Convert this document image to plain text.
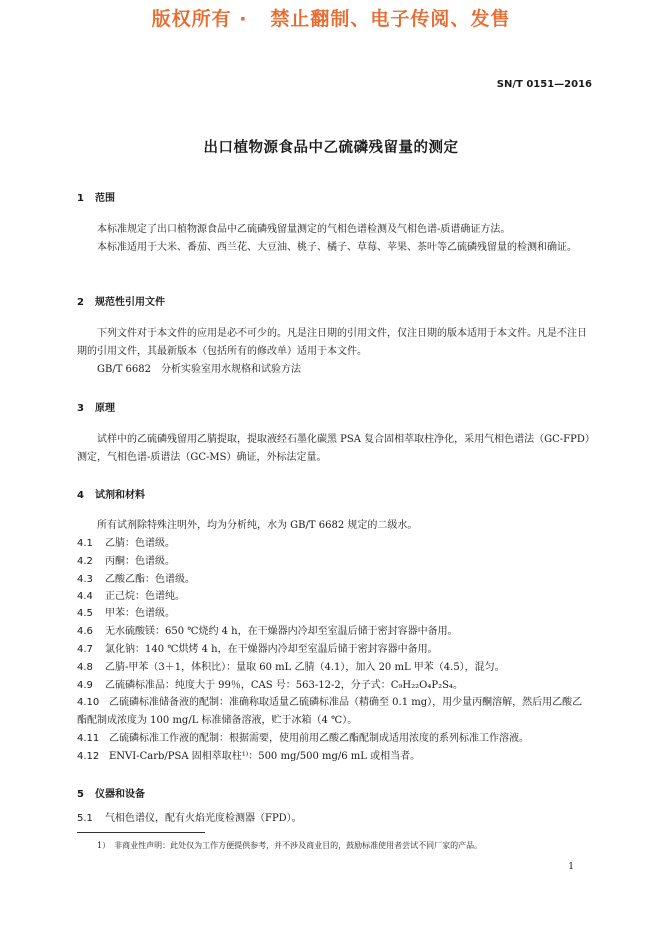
版权所有 ·   禁止翻制、电子传阅、发售
SN/T 0151—2016
出口植物源食品中乙硫磷残留量的测定
1 范围
本标准规定了出口植物源食品中乙硫磷残留量测定的气相色谱检测及气相色谱-质谱确证方法。
本标准适用于大米、番茄、西兰花、大豆油、桃子、橘子、草莓、苹果、茶叶等乙硫磷残留量的检测和确证。
2 规范性引用文件
下列文件对于本文件的应用是必不可少的。凡是注日期的引用文件，仅注日期的版本适用于本文件。凡是不注日期的引用文件，其最新版本（包括所有的修改单）适用于本文件。
GB/T 6682　分析实验室用水规格和试验方法
3 原理
试样中的乙硫磷残留用乙腈提取，提取液经石墨化碳黑 PSA 复合固相萃取柱净化，采用气相色谱法（GC-FPD）测定，气相色谱-质谱法（GC-MS）确证，外标法定量。
4 试剂和材料
所有试剂除特殊注明外，均为分析纯，水为 GB/T 6682 规定的二级水。
4.1 乙腈：色谱级。
4.2 丙酮：色谱级。
4.3 乙酸乙酯：色谱级。
4.4 正己烷：色谱纯。
4.5 甲苯：色谱级。
4.6 无水硫酸镁：650 ℃烧约 4 h，在干燥器内冷却至室温后储于密封容器中备用。
4.7 氯化钠：140 ℃烘烤 4 h，在干燥器内冷却至室温后储于密封容器中备用。
4.8 乙腈-甲苯（3＋1，体积比）：量取 60 mL 乙腈（4.1），加入 20 mL 甲苯（4.5），混匀。
4.9 乙硫磷标准品：纯度大于 99％，CAS 号：563-12-2，分子式：C₉H₂₂O₄P₂S₄。
4.10 乙硫磷标准储备液的配制：准确称取适量乙硫磷标准品（精确至 0.1 mg），用少量丙酮溶解，然后用乙酸乙酯配制成浓度为 100 mg/L 标准储备溶液，贮于冰箱（4 ℃）。
4.11 乙硫磷标准工作液的配制：根据需要，使用前用乙酸乙酯配制成适用浓度的系列标准工作溶液。
4.12 ENVI-Carb/PSA 固相萃取柱¹⁾：500 mg/500 mg/6 mL 或相当者。
5 仪器和设备
5.1 气相色谱仪，配有火焰光度检测器（FPD）。
1）　非商业性声明：此处仅为工作方便提供参考，并不涉及商业目的，鼓励标准使用者尝试不同厂家的产品。
1
